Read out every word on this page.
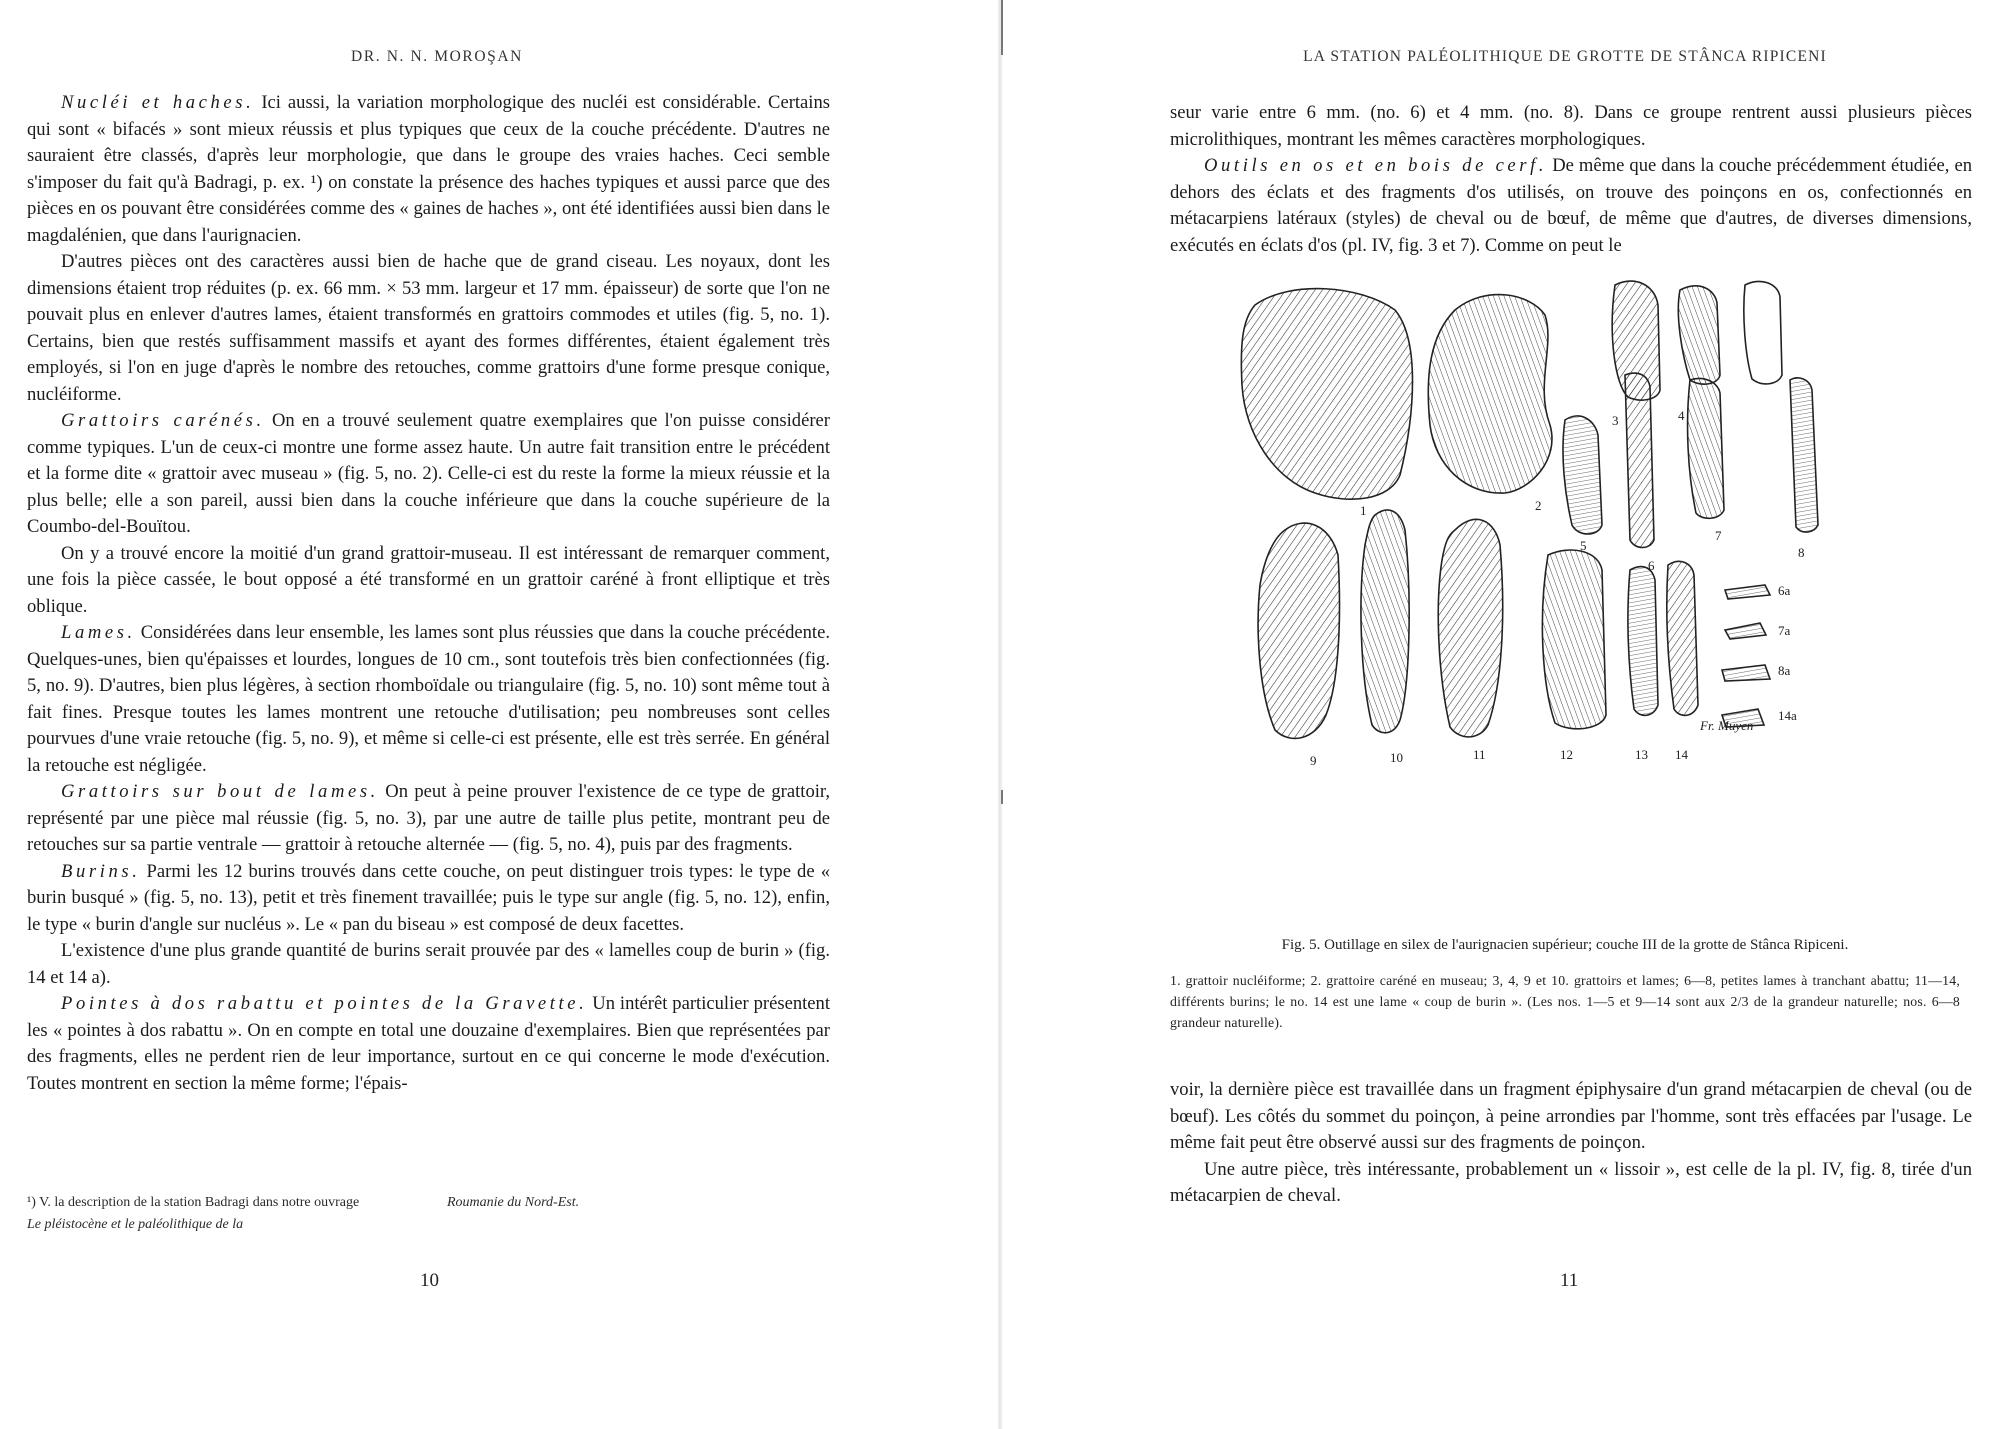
DR. N. N. MOROŞAN

Nucléi et haches. Ici aussi, la variation morphologique des nucléi est considérable. Certains qui sont « bifacés » sont mieux réussis et plus typiques que ceux de la couche précédente. D'autres ne sauraient être classés, d'après leur morphologie, que dans le groupe des vraies haches. Ceci semble s'imposer du fait qu'à Badragi, p. ex. ¹) on constate la présence des haches typiques et aussi parce que des pièces en os pouvant être considérées comme des « gaines de haches », ont été identifiées aussi bien dans le magdalénien, que dans l'aurignacien.

D'autres pièces ont des caractères aussi bien de hache que de grand ciseau. Les noyaux, dont les dimensions étaient trop réduites (p. ex. 66 mm. × 53 mm. largeur et 17 mm. épaisseur) de sorte que l'on ne pouvait plus en enlever d'autres lames, étaient transformés en grattoirs commodes et utiles (fig. 5, no. 1). Certains, bien que restés suffisamment massifs et ayant des formes différentes, étaient également très employés, si l'on en juge d'après le nombre des retouches, comme grattoirs d'une forme presque conique, nucléiforme.

Grattoirs carénés. On en a trouvé seulement quatre exemplaires que l'on puisse considérer comme typiques. L'un de ceux-ci montre une forme assez haute. Un autre fait transition entre le précédent et la forme dite « grattoir avec museau » (fig. 5, no. 2). Celle-ci est du reste la forme la mieux réussie et la plus belle; elle a son pareil, aussi bien dans la couche inférieure que dans la couche supérieure de la Coumbo-del-Bouïtou.

On y a trouvé encore la moitié d'un grand grattoir-museau. Il est intéressant de remarquer comment, une fois la pièce cassée, le bout opposé a été transformé en un grattoir caréné à front elliptique et très oblique.

Lames. Considérées dans leur ensemble, les lames sont plus réussies que dans la couche précédente. Quelques-unes, bien qu'épaisses et lourdes, longues de 10 cm., sont toutefois très bien confectionnées (fig. 5, no. 9). D'autres, bien plus légères, à section rhomboïdale ou triangulaire (fig. 5, no. 10) sont même tout à fait fines. Presque toutes les lames montrent une retouche d'utilisation; peu nombreuses sont celles pourvues d'une vraie retouche (fig. 5, no. 9), et même si celle-ci est présente, elle est très serrée. En général la retouche est négligée.

Grattoirs sur bout de lames. On peut à peine prouver l'existence de ce type de grattoir, représenté par une pièce mal réussie (fig. 5, no. 3), par une autre de taille plus petite, montrant peu de retouches sur sa partie ventrale — grattoir à retouche alternée — (fig. 5, no. 4), puis par des fragments.

Burins. Parmi les 12 burins trouvés dans cette couche, on peut distinguer trois types: le type de « burin busqué » (fig. 5, no. 13), petit et très finement travaillée; puis le type sur angle (fig. 5, no. 12), enfin, le type « burin d'angle sur nucléus ». Le « pan du biseau » est composé de deux facettes.

L'existence d'une plus grande quantité de burins serait prouvée par des « lamelles coup de burin » (fig. 14 et 14 a).

Pointes à dos rabattu et pointes de la Gravette. Un intérêt particulier présentent les « pointes à dos rabattu ». On en compte en total une douzaine d'exemplaires. Bien que représentées par des fragments, elles ne perdent rien de leur importance, surtout en ce qui concerne le mode d'exécution. Toutes montrent en section la même forme; l'épais-

¹) V. la description de la station Badragi dans notre ouvrage
Le pléistocène et le paléolithique de la
Roumanie du Nord-Est.
10
LA STATION PALÉOLITHIQUE DE GROTTE DE STÂNCA RIPICENI

seur varie entre 6 mm. (no. 6) et 4 mm. (no. 8). Dans ce groupe rentrent aussi plusieurs pièces microlithiques, montrant les mêmes caractères morphologiques.

Outils en os et en bois de cerf. De même que dans la couche précédemment étudiée, en dehors des éclats et des fragments d'os utilisés, on trouve des poinçons en os, confectionnés en métacarpiens latéraux (styles) de cheval ou de bœuf, de même que d'autres, de diverses dimensions, exécutés en éclats d'os (pl. IV, fig. 3 et 7). Comme on peut le

voir, la dernière pièce est travaillée dans un fragment épiphysaire d'un grand métacarpien de cheval (ou de bœuf). Les côtés du sommet du poinçon, à peine arrondies par l'homme, sont très effacées par l'usage. Le même fait peut être observé aussi sur des fragments de poinçon.

Une autre pièce, très intéressante, probablement un « lissoir », est celle de la pl. IV, fig. 8, tirée d'un métacarpien de cheval.

11
1	2
3	4
5
6
7
8
9	10	11	12	13 14
6a
7a
8a
14a
Fr. Muyen
Fig. 5. Outillage en silex de l'aurignacien supérieur; couche III de la grotte de Stânca Ripiceni.
1. grattoir nucléiforme; 2. grattoire caréné en museau; 3, 4, 9 et 10. grattoirs et lames; 6—8, petites lames à tranchant abattu; 11—14, différents burins; le no. 14 est une lame « coup de burin ». (Les nos. 1—5 et 9—14 sont aux 2/3 de la grandeur naturelle; nos. 6—8 grandeur naturelle).
